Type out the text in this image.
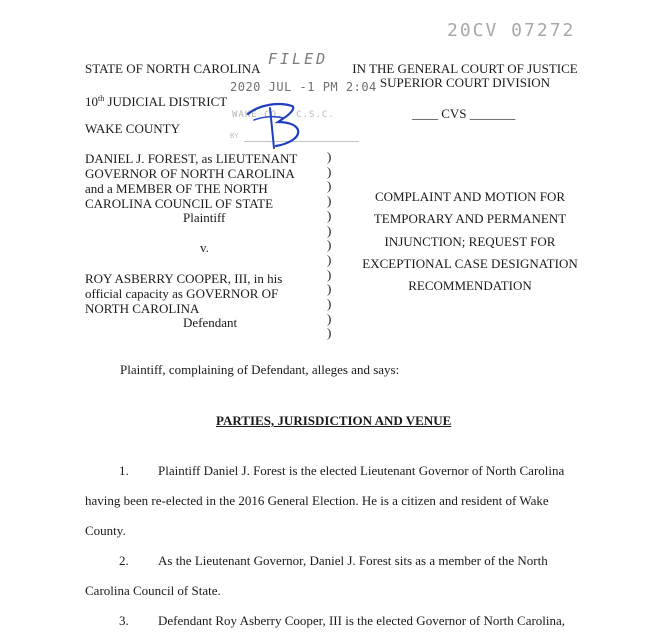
20CV 07272
STATE OF NORTH CAROLINA
10th JUDICIAL DISTRICT
WAKE COUNTY
IN THE GENERAL COURT OF JUSTICE
SUPERIOR COURT DIVISION
____ CVS _______
FILED
2020 JUL -1 PM 2:04
WAKE CO., C.S.C.
BY
DANIEL J. FOREST, as LIEUTENANT
GOVERNOR OF NORTH CAROLINA
and a MEMBER OF THE NORTH
CAROLINA COUNCIL OF STATE
Plaintiff
v.
ROY ASBERRY COOPER, III, in his
official capacity as GOVERNOR OF
NORTH CAROLINA
Defendant
)
)
)
)
)
)
)
)
)
)
)
)
)
COMPLAINT AND MOTION FOR
TEMPORARY AND PERMANENT
INJUNCTION; REQUEST FOR
EXCEPTIONAL CASE DESIGNATION
RECOMMENDATION
Plaintiff, complaining of Defendant, alleges and says:
PARTIES, JURISDICTION AND VENUE
1. Plaintiff Daniel J. Forest is the elected Lieutenant Governor of North Carolina
having been re-elected in the 2016 General Election. He is a citizen and resident of Wake
County.
2. As the Lieutenant Governor, Daniel J. Forest sits as a member of the North
Carolina Council of State.
3. Defendant Roy Asberry Cooper, III is the elected Governor of North Carolina,
